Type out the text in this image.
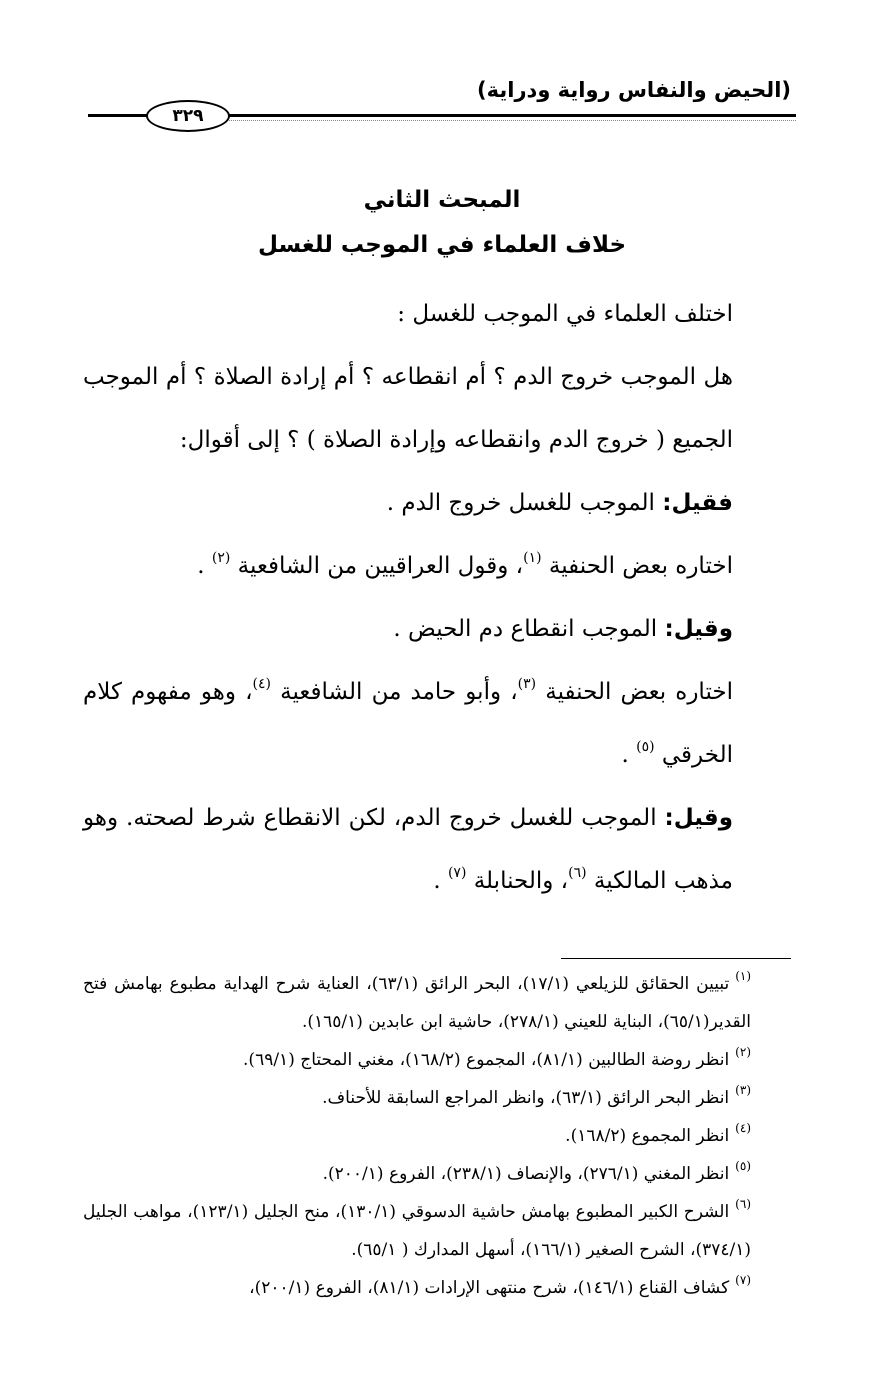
(الحيض والنفاس رواية ودراية)
٣٢٩
المبحث الثاني
خلاف العلماء في الموجب للغسل

اختلف العلماء في الموجب للغسل :

هل الموجب خروج الدم ؟ أم انقطاعه ؟ أم إرادة الصلاة ؟ أم الموجب الجميع ( خروج الدم وانقطاعه وإرادة الصلاة ) ؟ إلى أقوال:

فقيل: الموجب للغسل خروج الدم .

اختاره بعض الحنفية $^{(١)}$، وقول العراقيين من الشافعية $^{(٢)}$ .

وقيل: الموجب انقطاع دم الحيض .

اختاره بعض الحنفية $^{(٣)}$، وأبو حامد من الشافعية $^{(٤)}$، وهو مفهوم كلام الخرقي $^{(٥)}$ .

وقيل: الموجب للغسل خروج الدم، لكن الانقطاع شرط لصحته. وهو مذهب المالكية $^{(٦)}$، والحنابلة $^{(٧)}$ .

$^{(١)}$تبيين الحقائق للزيلعي (١٧/١)، البحر الرائق (٦٣/١)، العناية شرح الهداية مطبوع بهامش فتح القدير(٦٥/١)، البناية للعيني (٢٧٨/١)، حاشية ابن عابدين (١٦٥/١).

$^{(٢)}$انظر روضة الطالبين (٨١/١)، المجموع (١٦٨/٢)، مغني المحتاج (٦٩/١).

$^{(٣)}$انظر البحر الرائق (٦٣/١)، وانظر المراجع السابقة للأحناف.

$^{(٤)}$انظر المجموع (١٦٨/٢).

$^{(٥)}$انظر المغني (٢٧٦/١)، والإنصاف (٢٣٨/١)، الفروع (٢٠٠/١).

$^{(٦)}$الشرح الكبير المطبوع بهامش حاشية الدسوقي (١٣٠/١)، منح الجليل (١٢٣/١)، مواهب الجليل (٣٧٤/١)، الشرح الصغير (١٦٦/١)، أسهل المدارك ( ٦٥/١).

$^{(٧)}$كشاف القناع (١٤٦/١)، شرح منتهى الإرادات (٨١/١)، الفروع (٢٠٠/١)،
